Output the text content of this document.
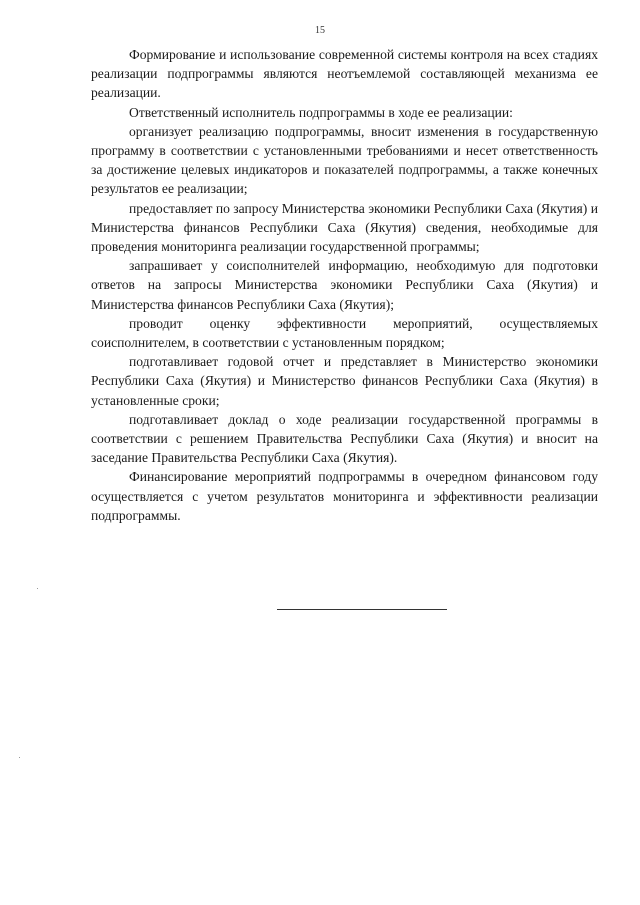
15

Формирование и использование современной системы контроля на всех стадиях реализации подпрограммы являются неотъемлемой составляющей механизма ее реализации.

Ответственный исполнитель подпрограммы в ходе ее реализации:

организует реализацию подпрограммы, вносит изменения в государственную программу в соответствии с установленными требованиями и несет ответственность за достижение целевых индикаторов и показателей подпрограммы, а также конечных результатов ее реализации;

предоставляет по запросу Министерства экономики Республики Саха (Якутия) и Министерства финансов Республики Саха (Якутия) сведения, необходимые для проведения мониторинга реализации государственной программы;

запрашивает у соисполнителей информацию, необходимую для подготовки ответов на запросы Министерства экономики Республики Саха (Якутия) и Министерства финансов Республики Саха (Якутия);

проводит оценку эффективности мероприятий, осуществляемых соисполнителем, в соответствии с установленным порядком;

подготавливает годовой отчет и представляет в Министерство экономики Республики Саха (Якутия) и Министерство финансов Республики Саха (Якутия) в установленные сроки;

подготавливает доклад о ходе реализации государственной программы в соответствии с решением Правительства Республики Саха (Якутия) и вносит на заседание Правительства Республики Саха (Якутия).

Финансирование мероприятий подпрограммы в очередном финансовом году осуществляется с учетом результатов мониторинга и эффективности реализации подпрограммы.
